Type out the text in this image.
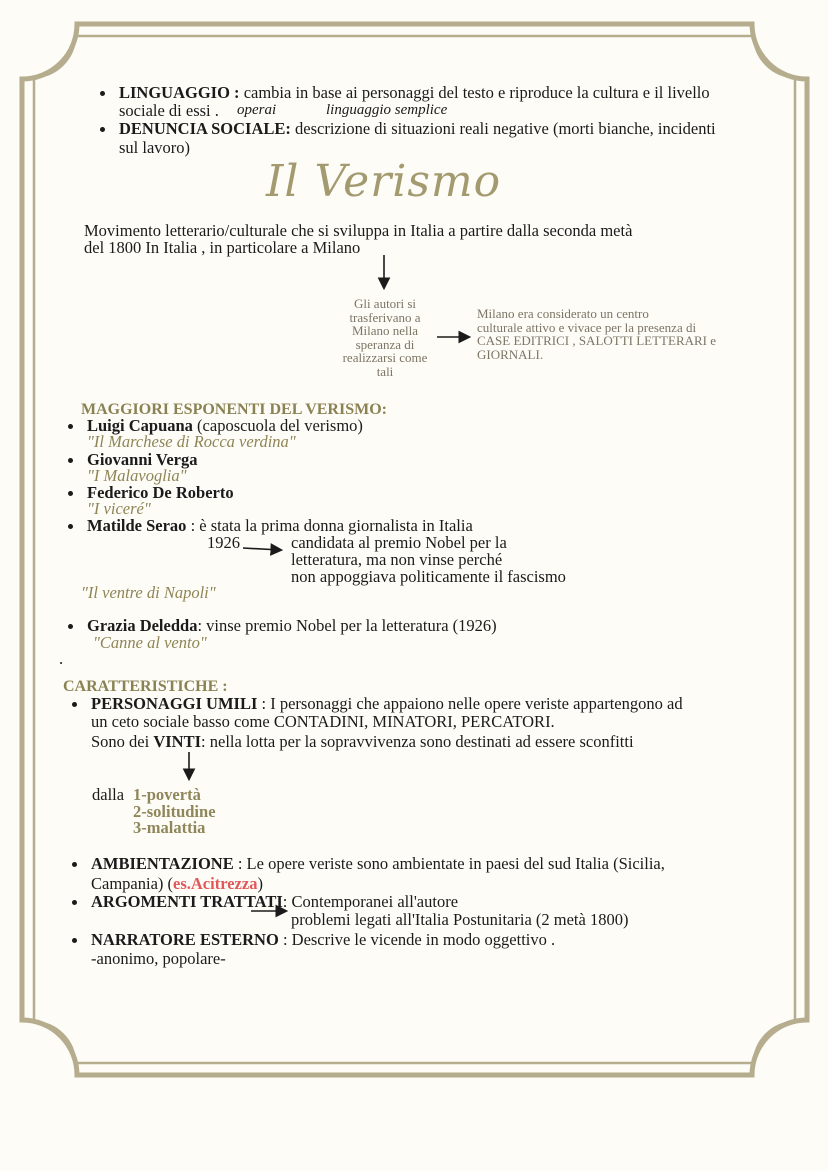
LINGUAGGIO : cambia in base ai personaggi del testo e riproduce la cultura e il livello
sociale di essi . operai	linguaggio semplice
DENUNCIA SOCIALE: descrizione di situazioni reali negative (morti bianche, incidenti
sul lavoro)
Il Verismo
Movimento letterario/culturale che si sviluppa in Italia a partire dalla seconda metà
del 1800 In Italia , in particolare a Milano
Gli autori si
trasferivano a
Milano nella
speranza di
realizzarsi come
tali
Milano era considerato un centro
culturale attivo e vivace per la presenza di
CASE EDITRICI , SALOTTI LETTERARI e
GIORNALI.
MAGGIORI ESPONENTI DEL VERISMO:
Luigi Capuana (caposcuola del verismo)
"Il Marchese di Rocca verdina"
Giovanni Verga
"I Malavoglia"
Federico De Roberto
"I viceré"
Matilde Serao : è stata la prima donna giornalista in Italia
1926	candidata al premio Nobel per la
letteratura, ma non vinse perché
non appoggiava politicamente il fascismo
"Il ventre di Napoli"
Grazia Deledda: vinse premio Nobel per la letteratura (1926)
"Canne al vento"
.
CARATTERISTICHE :
PERSONAGGI UMILI : I personaggi che appaiono nelle opere veriste appartengono ad
un ceto sociale basso come CONTADINI, MINATORI, PERCATORI.
Sono dei VINTI: nella lotta per la sopravvivenza sono destinati ad essere sconfitti
dalla 1-povertà
2-solitudine
3-malattia
AMBIENTAZIONE : Le opere veriste sono ambientate in paesi del sud Italia (Sicilia,
Campania) (es.Acitrezza)
ARGOMENTI TRATTATI: Contemporanei all'autore
problemi legati all'Italia Postunitaria (2 metà 1800)
NARRATORE ESTERNO : Descrive le vicende in modo oggettivo .
-anonimo, popolare-
